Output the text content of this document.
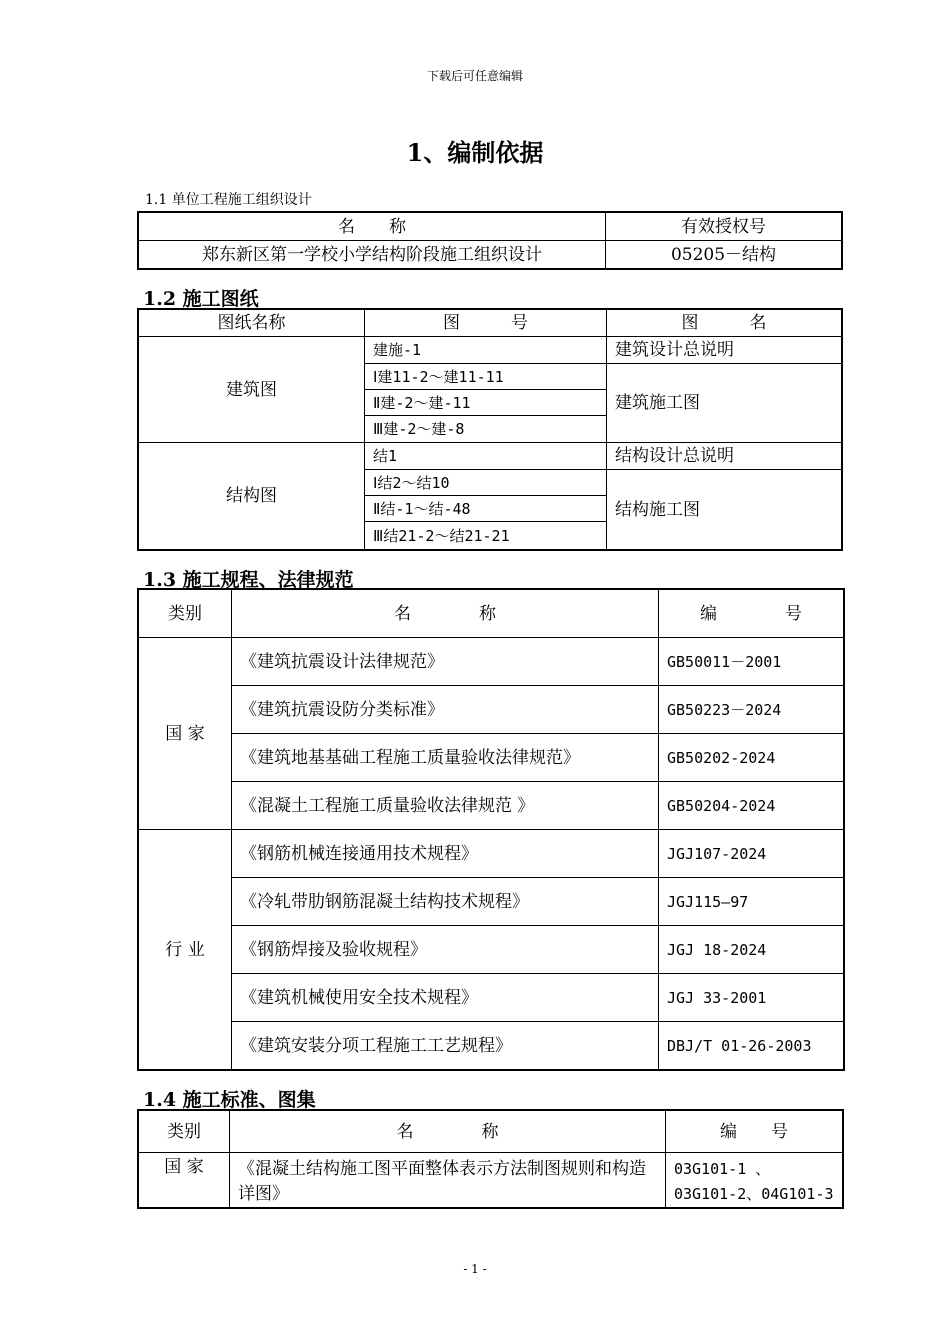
下载后可任意编辑
1、编制依据
1.1 单位工程施工组织设计
名　　称	有效授权号
郑东新区第一学校小学结构阶段施工组织设计	05205－结构
1.2 施工图纸
图纸名称	图　　　号	图　　　名
建筑图	建施-1	建筑设计总说明
	Ⅰ建11-2～建11-11	建筑施工图
	Ⅱ建-2～建-11	
	Ⅲ建-2～建-8	
结构图	结1	结构设计总说明
	Ⅰ结2～结10	结构施工图
	Ⅱ结-1～结-48	
	Ⅲ结21-2～结21-21	
1.3 施工规程、法律规范
类别	名　　　　称	编　　　　号
国 家	《建筑抗震设计法律规范》	GB50011－2001
	《建筑抗震设防分类标准》	GB50223－2024
	《建筑地基基础工程施工质量验收法律规范》	GB50202-2024
	《混凝土工程施工质量验收法律规范 》	GB50204-2024
行 业	《钢筋机械连接通用技术规程》	JGJ107-2024
	《冷轧带肋钢筋混凝土结构技术规程》	JGJ115—97
	《钢筋焊接及验收规程》	JGJ 18-2024
	《建筑机械使用安全技术规程》	JGJ 33-2001
	《建筑安装分项工程施工工艺规程》	DBJ/T 01-26-2003
1.4 施工标准、图集
类别	名　　　　称	编　　号
国 家	《混凝土结构施工图平面整体表示方法制图规则和构造详图》	03G101-1 、 03G101-2、04G101-3
- 1 -
